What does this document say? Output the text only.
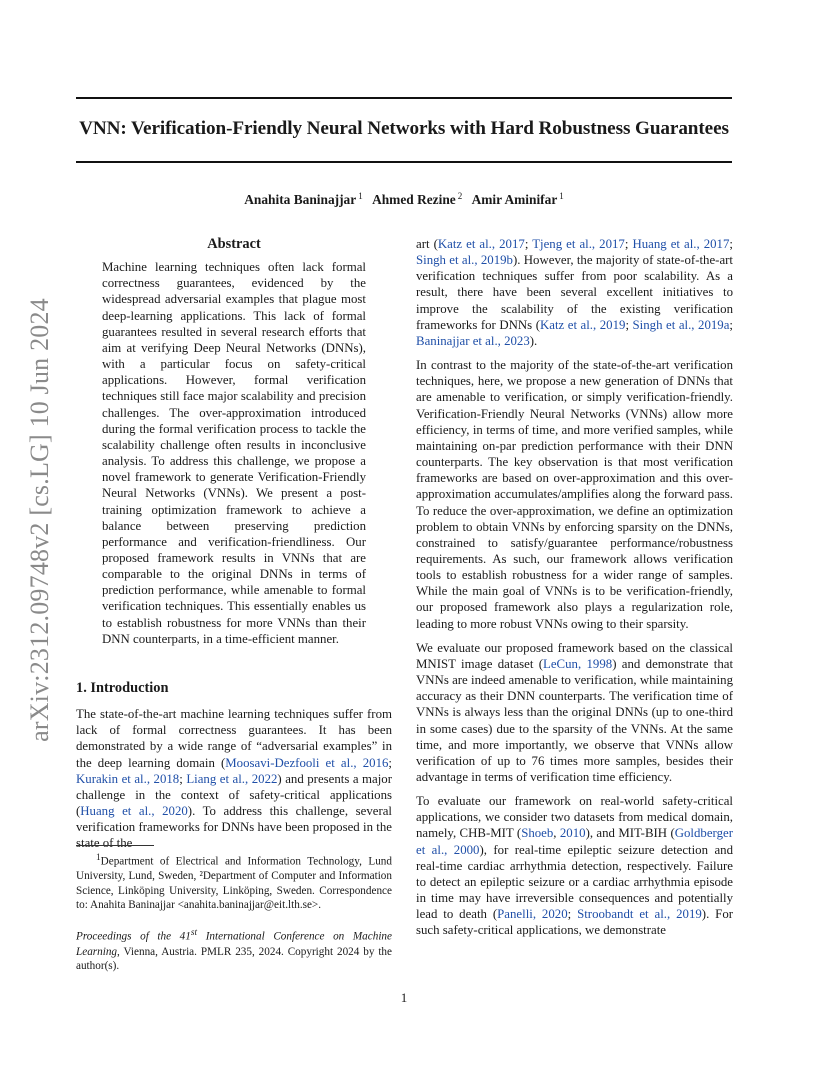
VNN: Verification-Friendly Neural Networks with Hard Robustness Guarantees
Anahita Baninajjar $^1$ Ahmed Rezine $^2$ Amir Aminifar $^1$
arXiv:2312.09748v2 [cs.LG] 10 Jun 2024
Abstract
Machine learning techniques often lack formal correctness guarantees, evidenced by the widespread adversarial examples that plague most deep-learning applications. This lack of formal guarantees resulted in several research efforts that aim at verifying Deep Neural Networks (DNNs), with a particular focus on safety-critical applications. However, formal verification techniques still face major scalability and precision challenges. The over-approximation introduced during the formal verification process to tackle the scalability challenge often results in inconclusive analysis. To address this challenge, we propose a novel framework to generate Verification-Friendly Neural Networks (VNNs). We present a post-training optimization framework to achieve a balance between preserving prediction performance and verification-friendliness. Our proposed framework results in VNNs that are comparable to the original DNNs in terms of prediction performance, while amenable to formal verification techniques. This essentially enables us to establish robustness for more VNNs than their DNN counterparts, in a time-efficient manner.
1. Introduction

The state-of-the-art machine learning techniques suffer from lack of formal correctness guarantees. It has been demonstrated by a wide range of “adversarial examples” in the deep learning domain (Moosavi-Dezfooli et al., 2016; Kurakin et al., 2018; Liang et al., 2022) and presents a major challenge in the context of safety-critical applications (Huang et al., 2020). To address this challenge, several verification frameworks for DNNs have been proposed in the state of the

art (Katz et al., 2017; Tjeng et al., 2017; Huang et al., 2017; Singh et al., 2019b). However, the majority of state-of-the-art verification techniques suffer from poor scalability. As a result, there have been several excellent initiatives to improve the scalability of the existing verification frameworks for DNNs (Katz et al., 2019; Singh et al., 2019a; Baninajjar et al., 2023).

In contrast to the majority of the state-of-the-art verification techniques, here, we propose a new generation of DNNs that are amenable to verification, or simply verification-friendly. Verification-Friendly Neural Networks (VNNs) allow more efficiency, in terms of time, and more verified samples, while maintaining on-par prediction performance with their DNN counterparts. The key observation is that most verification frameworks are based on over-approximation and this over-approximation accumulates/amplifies along the forward pass. To reduce the over-approximation, we define an optimization problem to obtain VNNs by enforcing sparsity on the DNNs, constrained to satisfy/guarantee performance/robustness requirements. As such, our framework allows verification tools to establish robustness for a wider range of samples. While the main goal of VNNs is to be verification-friendly, our proposed framework also plays a regularization role, leading to more robust VNNs owing to their sparsity.

We evaluate our proposed framework based on the classical MNIST image dataset (LeCun, 1998) and demonstrate that VNNs are indeed amenable to verification, while maintaining accuracy as their DNN counterparts. The verification time of VNNs is always less than the original DNNs (up to one-third in some cases) due to the sparsity of the VNNs. At the same time, and more importantly, we observe that VNNs allow verification of up to 76 times more samples, besides their advantage in terms of verification time efficiency.

To evaluate our framework on real-world safety-critical applications, we consider two datasets from medical domain, namely, CHB-MIT (Shoeb, 2010), and MIT-BIH (Goldberger et al., 2000), for real-time epileptic seizure detection and real-time cardiac arrhythmia detection, respectively. Failure to detect an epileptic seizure or a cardiac arrhythmia episode in time may have irreversible consequences and potentially lead to death (Panelli, 2020; Stroobandt et al., 2019). For such safety-critical applications, we demonstrate

$^1$Department of Electrical and Information Technology, Lund University, Lund, Sweden, ²Department of Computer and Information Science, Linköping University, Linköping, Sweden. Correspondence to: Anahita Baninajjar <anahita.baninajjar@eit.lth.se>.

Proceedings of the 41st International Conference on Machine Learning, Vienna, Austria. PMLR 235, 2024. Copyright 2024 by the author(s).

1
